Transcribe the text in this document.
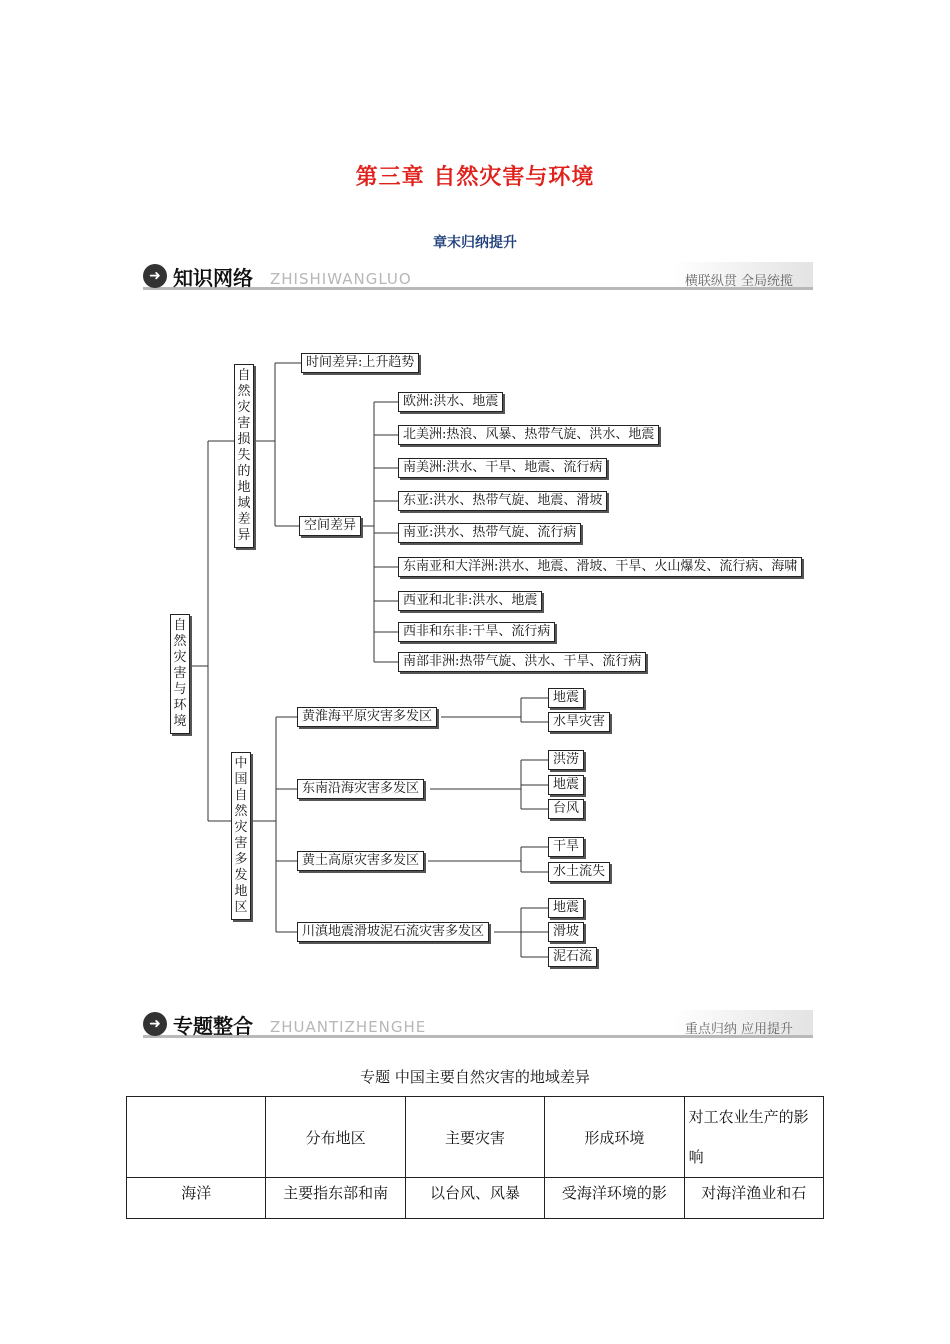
第三章 自然灾害与环境
章末归纳提升
➜ 知识网络 ZHISHIWANGLUO	横联纵贯 全局统揽
自然灾害与环境
自然灾害损失的地域差异
中国自然灾害多发地区
时间差异:上升趋势
空间差异
欧洲:洪水、地震
北美洲:热浪、风暴、热带气旋、洪水、地震
南美洲:洪水、干旱、地震、流行病
东亚:洪水、热带气旋、地震、滑坡
南亚:洪水、热带气旋、流行病
东南亚和大洋洲:洪水、地震、滑坡、干旱、火山爆发、流行病、海啸
西亚和北非:洪水、地震
西非和东非:干旱、流行病
南部非洲:热带气旋、洪水、干旱、流行病
黄淮海平原灾害多发区
东南沿海灾害多发区
黄土高原灾害多发区
川滇地震滑坡泥石流灾害多发区
地震
水旱灾害
洪涝
地震
台风
干旱
水土流失
地震
滑坡
泥石流
➜ 专题整合 ZHUANTIZHENGHE	重点归纳 应用提升
专题 中国主要自然灾害的地域差异
	分布地区	主要灾害	形成环境	对工农业生产的影响
海洋	主要指东部和南	以台风、风暴	受海洋环境的影	对海洋渔业和石
